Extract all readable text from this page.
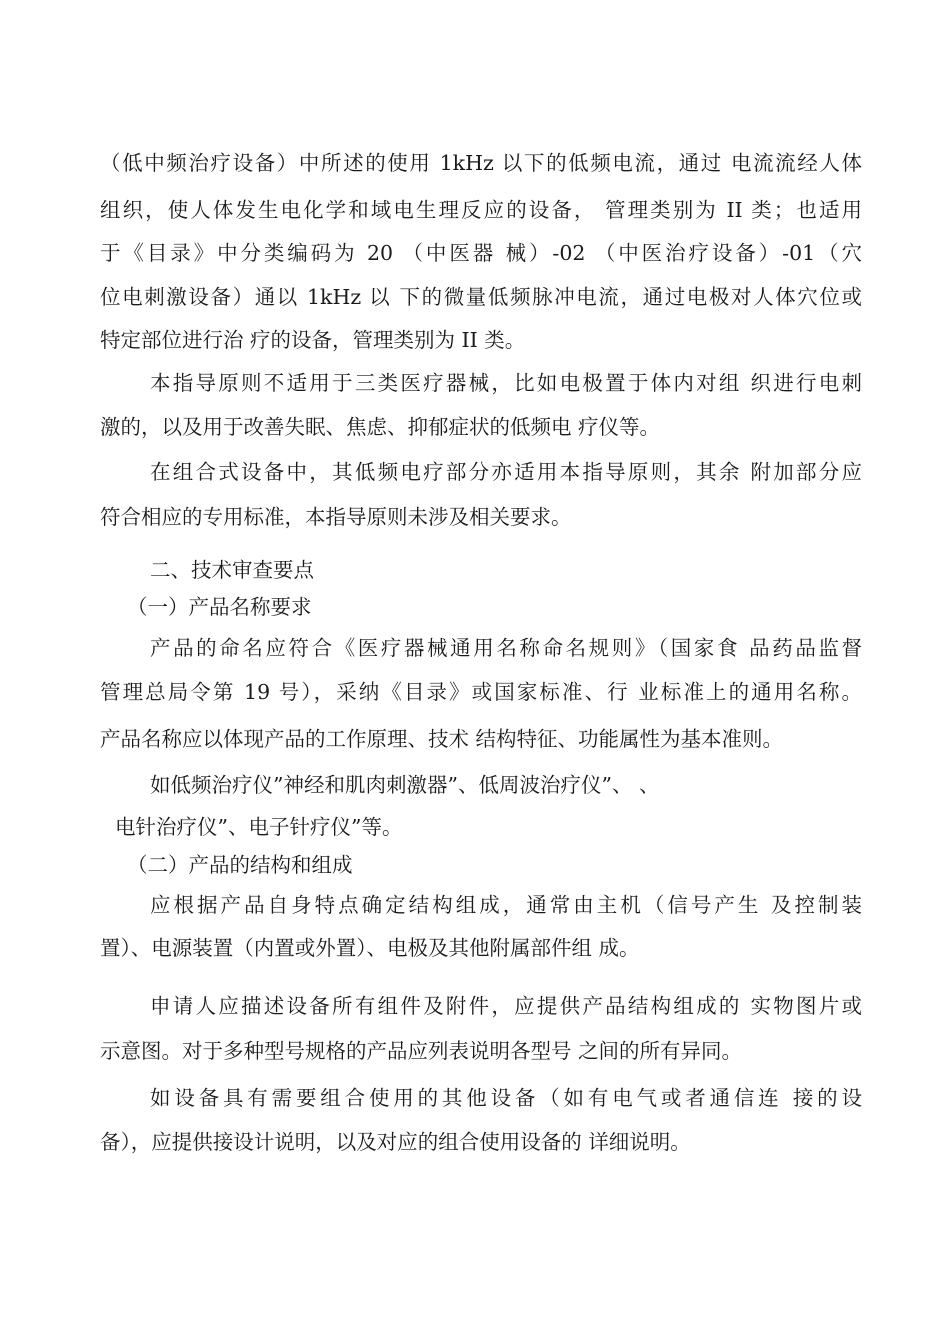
（低中频治疗设备）中所述的使用 1kHz 以下的低频电流，通过 电流流经人体
组织，使人体发生电化学和域电生理反应的设备， 管理类别为 II 类；也适用
于《目录》中分类编码为 20 （中医器 械）-02 （中医治疗设备）-01（穴
位电刺激设备）通以 1kHz 以 下的微量低频脉冲电流，通过电极对人体穴位或
特定部位进行治 疗的设备，管理类别为 II 类。
本指导原则不适用于三类医疗器械，比如电极置于体内对组 织进行电刺
激的，以及用于改善失眠、焦虑、抑郁症状的低频电 疗仪等。
在组合式设备中，其低频电疗部分亦适用本指导原则，其余 附加部分应
符合相应的专用标准，本指导原则未涉及相关要求。
二、技术审查要点
（一）产品名称要求
产品的命名应符合《医疗器械通用名称命名规则》（国家食 品药品监督
管理总局令第 19 号），采纳《目录》或国家标准、行 业标准上的通用名称。
产品名称应以体现产品的工作原理、技术 结构特征、功能属性为基本准则。
如低频治疗仪”神经和肌肉刺激器”、低周波治疗仪”、 、
电针治疗仪”、电子针疗仪”等。
（二）产品的结构和组成
应根据产品自身特点确定结构组成，通常由主机（信号产生 及控制装
置）、电源装置（内置或外置）、电极及其他附属部件组 成。
申请人应描述设备所有组件及附件，应提供产品结构组成的 实物图片或
示意图。对于多种型号规格的产品应列表说明各型号 之间的所有异同。
如设备具有需要组合使用的其他设备（如有电气或者通信连 接的设
备），应提供接设计说明，以及对应的组合使用设备的 详细说明。
